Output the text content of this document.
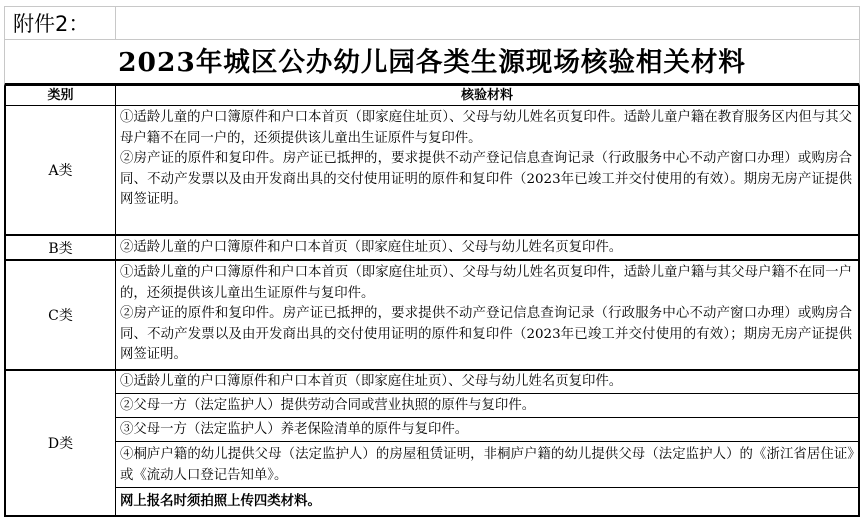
附件2：
2023年城区公办幼儿园各类生源现场核验相关材料
类别	核验材料
A类

①适龄儿童的户口簿原件和户口本首页（即家庭住址页）、父母与幼儿姓名页复印件。适龄儿童户籍在教育服务区内但与其父母户籍不在同一户的，还须提供该儿童出生证原件与复印件。

②房产证的原件和复印件。房产证已抵押的，要求提供不动产登记信息查询记录（行政服务中心不动产窗口办理）或购房合同、不动产发票以及由开发商出具的交付使用证明的原件和复印件（2023年已竣工并交付使用的有效）。期房无房产证提供网签证明。

B类	②适龄儿童的户口簿原件和户口本首页（即家庭住址页）、父母与幼儿姓名页复印件。

C类

①适龄儿童的户口簿原件和户口本首页（即家庭住址页）、父母与幼儿姓名页复印件，适龄儿童户籍与其父母户籍不在同一户的，还须提供该儿童出生证原件与复印件。

②房产证的原件和复印件。房产证已抵押的，要求提供不动产登记信息查询记录（行政服务中心不动产窗口办理）或购房合同、不动产发票以及由开发商出具的交付使用证明的原件和复印件（2023年已竣工并交付使用的有效）；期房无房产证提供网签证明。

D类
①适龄儿童的户口簿原件和户口本首页（即家庭住址页）、父母与幼儿姓名页复印件。
②父母一方（法定监护人）提供劳动合同或营业执照的原件与复印件。
③父母一方（法定监护人）养老保险清单的原件与复印件。

④桐庐户籍的幼儿提供父母（法定监护人）的房屋租赁证明，非桐庐户籍的幼儿提供父母（法定监护人）的《浙江省居住证》或《流动人口登记告知单》。

网上报名时须拍照上传四类材料。
